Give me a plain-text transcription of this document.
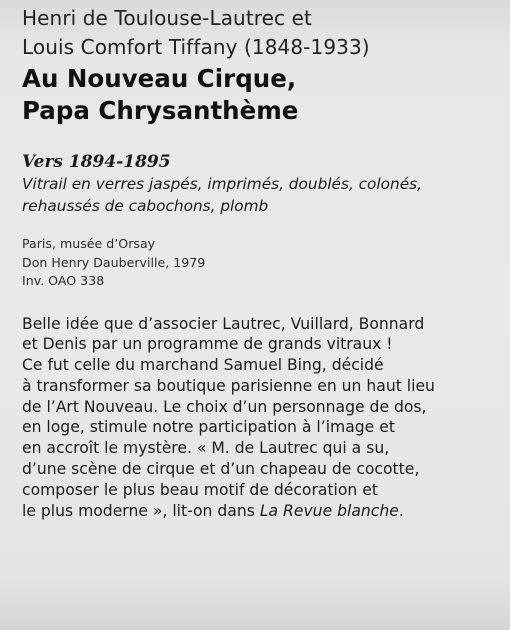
Henri de Toulouse-Lautrec et
Louis Comfort Tiffany (1848-1933)
Au Nouveau Cirque,
Papa Chrysanthème
Vers 1894-1895
Vitrail en verres jaspés, imprimés, doublés, colonés,
rehaussés de cabochons, plomb
Paris, musée d’Orsay
Don Henry Dauberville, 1979
Inv. OAO 338
Belle idée que d’associer Lautrec, Vuillard, Bonnard
et Denis par un programme de grands vitraux !
Ce fut celle du marchand Samuel Bing, décidé
à transformer sa boutique parisienne en un haut lieu
de l’Art Nouveau. Le choix d’un personnage de dos,
en loge, stimule notre participation à l’image et
en accroît le mystère. « M. de Lautrec qui a su,
d’une scène de cirque et d’un chapeau de cocotte,
composer le plus beau motif de décoration et
le plus moderne », lit-on dans La Revue blanche.
